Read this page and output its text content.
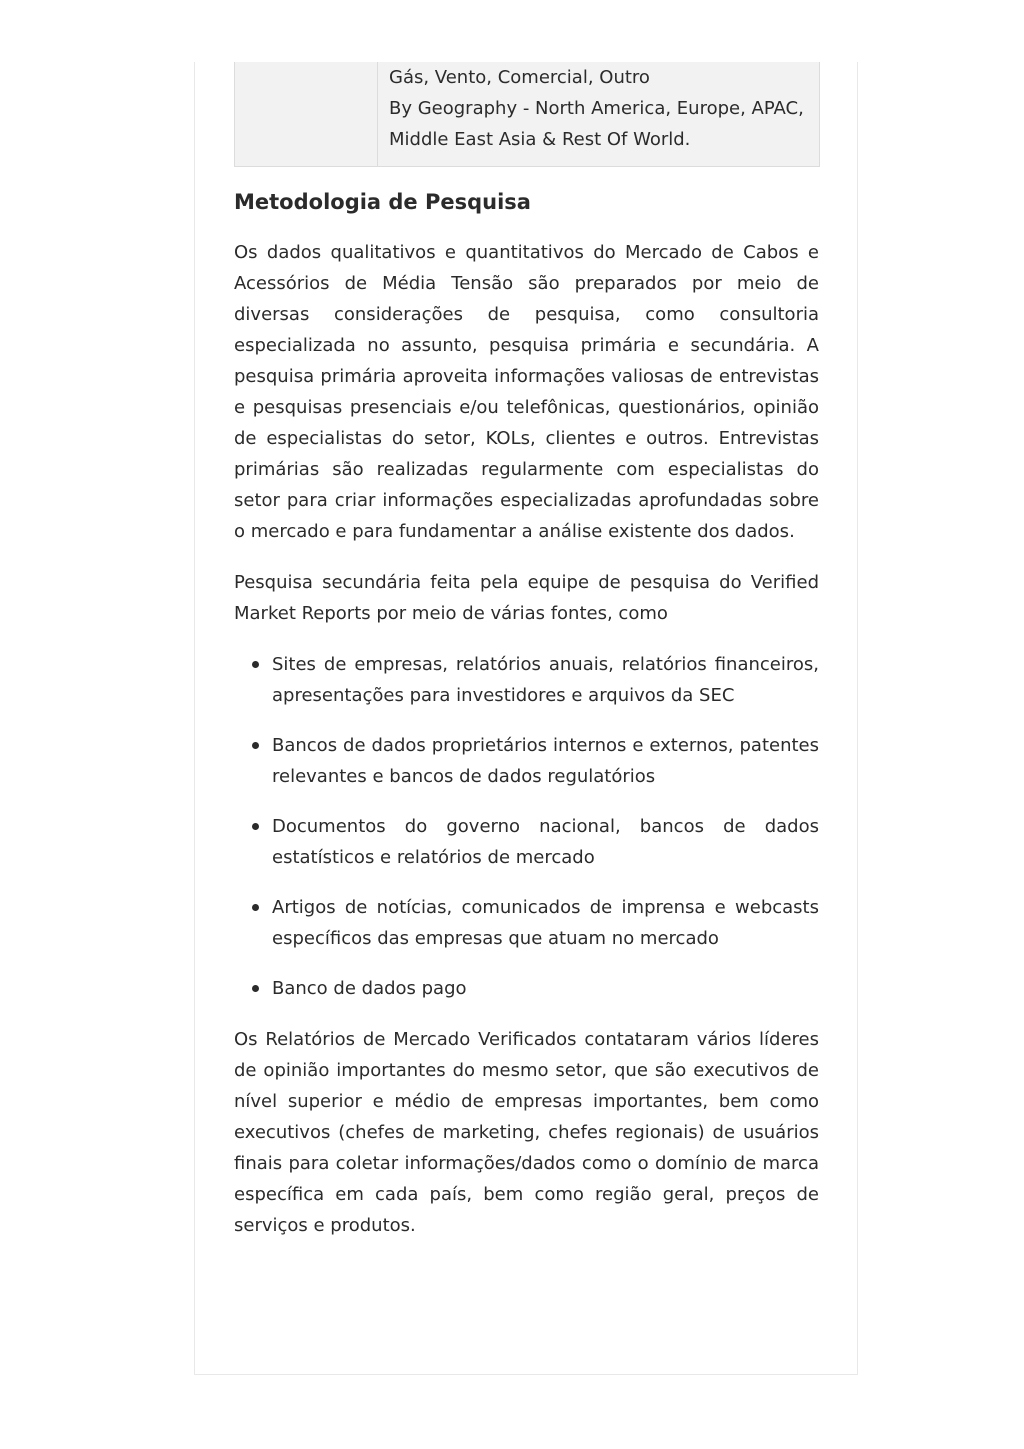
Gás, Vento, Comercial, Outro
By Geography - North America, Europe, APAC,
Middle East Asia & Rest Of World.
Metodologia de Pesquisa

Os dados qualitativos e quantitativos do Mercado de Cabos e Acessórios de Média Tensão são preparados por meio de diversas considerações de pesquisa, como consultoria especializada no assunto, pesquisa primária e secundária. A pesquisa primária aproveita informações valiosas de entrevistas e pesquisas presenciais e/ou telefônicas, questionários, opinião de especialistas do setor, KOLs, clientes e outros. Entrevistas primárias são realizadas regularmente com especialistas do setor para criar informações especializadas aprofundadas sobre o mercado e para fundamentar a análise existente dos dados.

Pesquisa secundária feita pela equipe de pesquisa do Verified Market Reports por meio de várias fontes, como

Sites de empresas, relatórios anuais, relatórios financeiros, apresentações para investidores e arquivos da SEC
Bancos de dados proprietários internos e externos, patentes relevantes e bancos de dados regulatórios
Documentos do governo nacional, bancos de dados estatísticos e relatórios de mercado
Artigos de notícias, comunicados de imprensa e webcasts específicos das empresas que atuam no mercado
Banco de dados pago

Os Relatórios de Mercado Verificados contataram vários líderes de opinião importantes do mesmo setor, que são executivos de nível superior e médio de empresas importantes, bem como executivos (chefes de marketing, chefes regionais) de usuários finais para coletar informações/dados como o domínio de marca específica em cada país, bem como região geral, preços de serviços e produtos.
